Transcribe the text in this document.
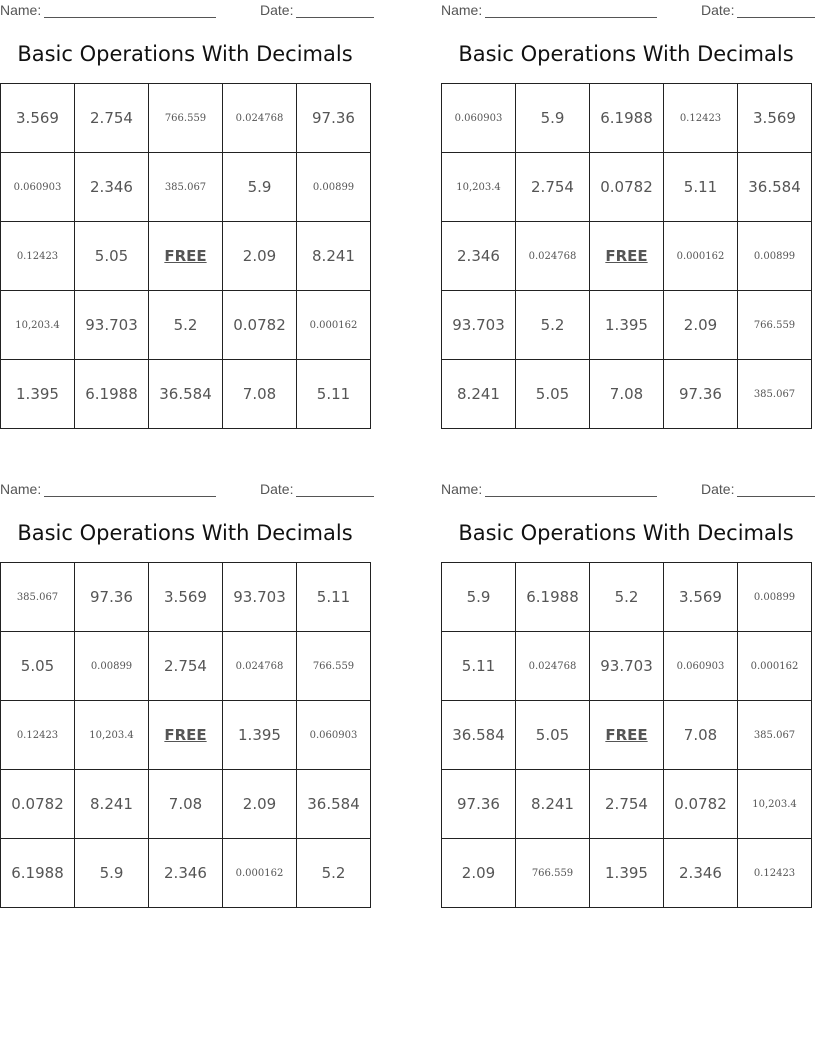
Name:	Date:
Basic Operations With Decimals
3.569	2.754	766.559	0.024768	97.36
0.060903	2.346	385.067	5.9	0.00899
0.12423	5.05	FREE	2.09	8.241
10,203.4	93.703	5.2	0.0782	0.000162
1.395	6.1988	36.584	7.08	5.11
Name:	Date:
Basic Operations With Decimals
0.060903	5.9	6.1988	0.12423	3.569
10,203.4	2.754	0.0782	5.11	36.584
2.346	0.024768	FREE	0.000162	0.00899
93.703	5.2	1.395	2.09	766.559
8.241	5.05	7.08	97.36	385.067
Name:	Date:
Basic Operations With Decimals
385.067	97.36	3.569	93.703	5.11
5.05	0.00899	2.754	0.024768	766.559
0.12423	10,203.4	FREE	1.395	0.060903
0.0782	8.241	7.08	2.09	36.584
6.1988	5.9	2.346	0.000162	5.2
Name:	Date:
Basic Operations With Decimals
5.9	6.1988	5.2	3.569	0.00899
5.11	0.024768	93.703	0.060903	0.000162
36.584	5.05	FREE	7.08	385.067
97.36	8.241	2.754	0.0782	10,203.4
2.09	766.559	1.395	2.346	0.12423
